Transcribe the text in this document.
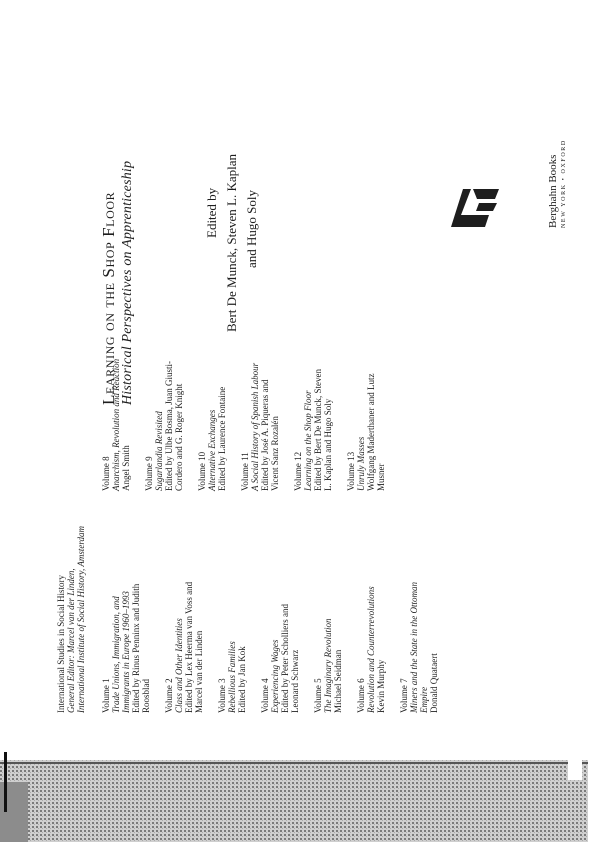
International Studies in Social History General Editor: Marcel van der Linden, International Institute of Social History, Amsterdam Volume 1 Trade Unions, Immigration, and Immigrants in Europe 1960–1993 Edited by Rinus Penninx and Judith Roosblad Volume 2 Class and Other Identities Edited by Lex Heerma van Voss and Marcel van der Linden Volume 3 Rebellious Families Edited by Jan Kok Volume 4 Experiencing Wages Edited by Peter Scholliers and Leonard Schwarz Volume 5 The Imaginary Revolution Michael Seidman Volume 6 Revolution and Counterrevolutions Kevin Murphy Volume 7 Miners and the State in the Ottoman Empire Donald Quataert
Volume 8 Anarchism, Revolution and Reaction Angel Smith Volume 9 Sugarlandia Revisited Edited by Ulbe Bosma, Juan Giusti- Cordero and G. Roger Knight Volume 10 Alternative Exchanges Edited by Laurence Fontaine Volume 11 A Social History of Spanish Labour Edited by José A. Piqueras and Vicent Sanz Rozalén Volume 12 Learning on the Shop Floor Edited by Bert De Munck, Steven L. Kaplan and Hugo Soly Volume 13 Unruly Masses Wolfgang Maderthaner and Lutz Musner
Learning on the Shop Floor Historical Perspectives on Apprenticeship	Edited by Bert De Munck, Steven L. Kaplan and Hugo Soly	Berghahn Books NEW YORK • OXFORD
